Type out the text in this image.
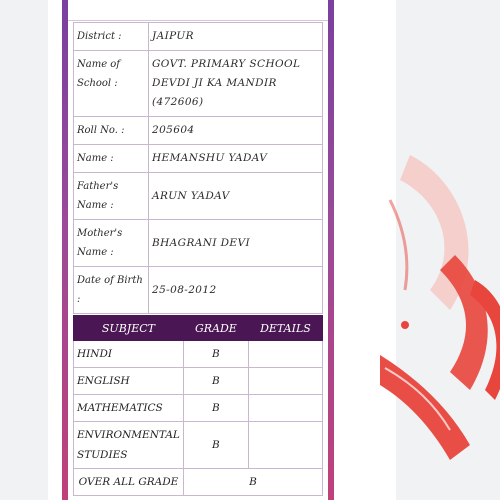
District :	JAIPUR
Name of School :	GOVT. PRIMARY SCHOOL DEVDI JI KA MANDIR (472606)
Roll No. :	205604
Name :	HEMANSHU YADAV
Father's Name :	ARUN YADAV
Mother's Name :	BHAGRANI DEVI
Date of Birth :	25-08-2012
SUBJECT	GRADE	DETAILS
HINDI	B	
ENGLISH	B	
MATHEMATICS	B	
ENVIRONMENTAL STUDIES	B	
OVER ALL GRADE	B	
